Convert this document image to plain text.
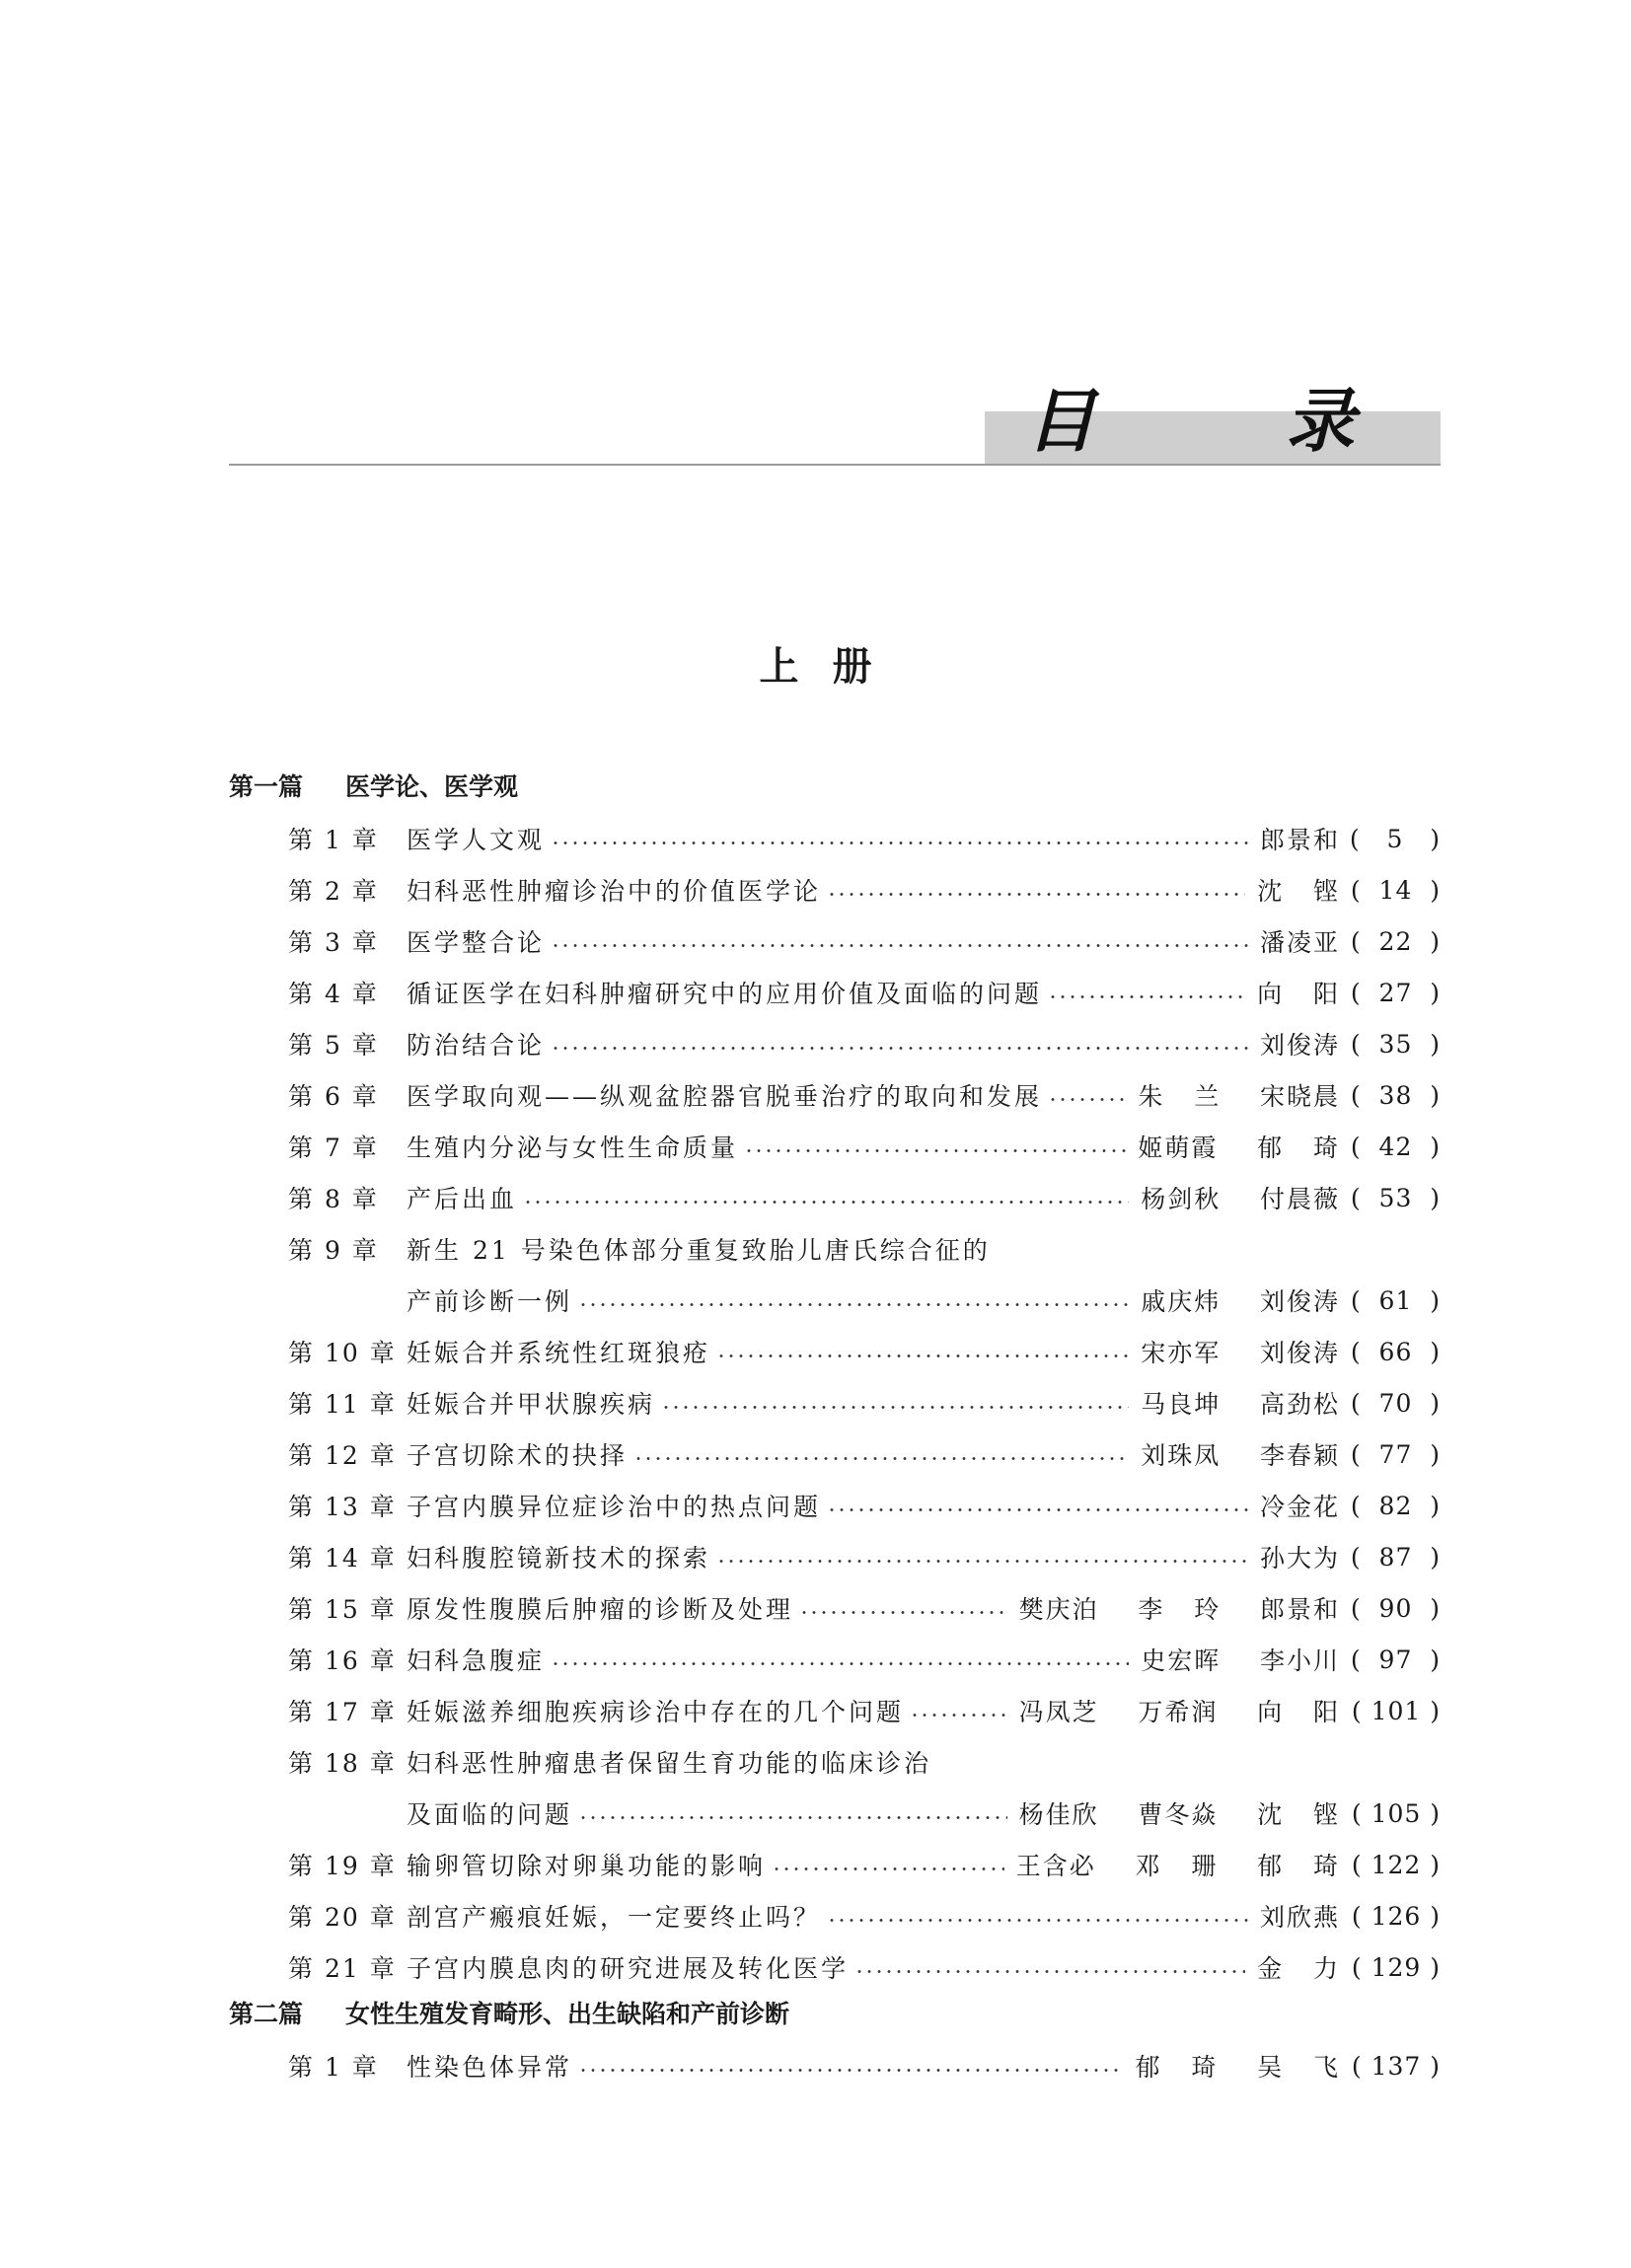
目  录
上册
第一篇 医学论、医学观
第 1 章	医学人文观	郎景和 (   5   )
第 2 章	妇科恶性肿瘤诊治中的价值医学论	沈   铿 (  14  )
第 3 章	医学整合论	潘凌亚 (  22  )
第 4 章	循证医学在妇科肿瘤研究中的应用价值及面临的问题	向   阳 (  27  )
第 5 章	防治结合论	刘俊涛 (  35  )
第 6 章	医学取向观——纵观盆腔器官脱垂治疗的取向和发展	朱   兰    宋晓晨 (  38  )
第 7 章	生殖内分泌与女性生命质量	姬萌霞    郁   琦 (  42  )
第 8 章	产后出血	杨剑秋    付晨薇 (  53  )
第 9 章	新生 21 号染色体部分重复致胎儿唐氏综合征的
产前诊断一例	戚庆炜    刘俊涛 (  61  )
第 10 章 妊娠合并系统性红斑狼疮	宋亦军    刘俊涛 (  66  )
第 11 章 妊娠合并甲状腺疾病	马良坤    高劲松 (  70  )
第 12 章 子宫切除术的抉择	刘珠凤    李春颖 (  77  )
第 13 章 子宫内膜异位症诊治中的热点问题	冷金花 (  82  )
第 14 章 妇科腹腔镜新技术的探索	孙大为 (  87  )
第 15 章 原发性腹膜后肿瘤的诊断及处理	樊庆泊    李   玲    郎景和 (  90  )
第 16 章 妇科急腹症	史宏晖    李小川 (  97  )
第 17 章 妊娠滋养细胞疾病诊治中存在的几个问题	冯凤芝    万希润    向   阳 ( 101 )
第 18 章 妇科恶性肿瘤患者保留生育功能的临床诊治
及面临的问题	杨佳欣    曹冬焱    沈   铿 ( 105 )
第 19 章 输卵管切除对卵巢功能的影响	王含必    邓   珊    郁   琦 ( 122 )
第 20 章 剖宫产瘢痕妊娠，一定要终止吗？	刘欣燕 ( 126 )
第 21 章 子宫内膜息肉的研究进展及转化医学	金   力 ( 129 )
第二篇 女性生殖发育畸形、出生缺陷和产前诊断
第 1 章	性染色体异常	郁   琦    吴   飞 ( 137 )
